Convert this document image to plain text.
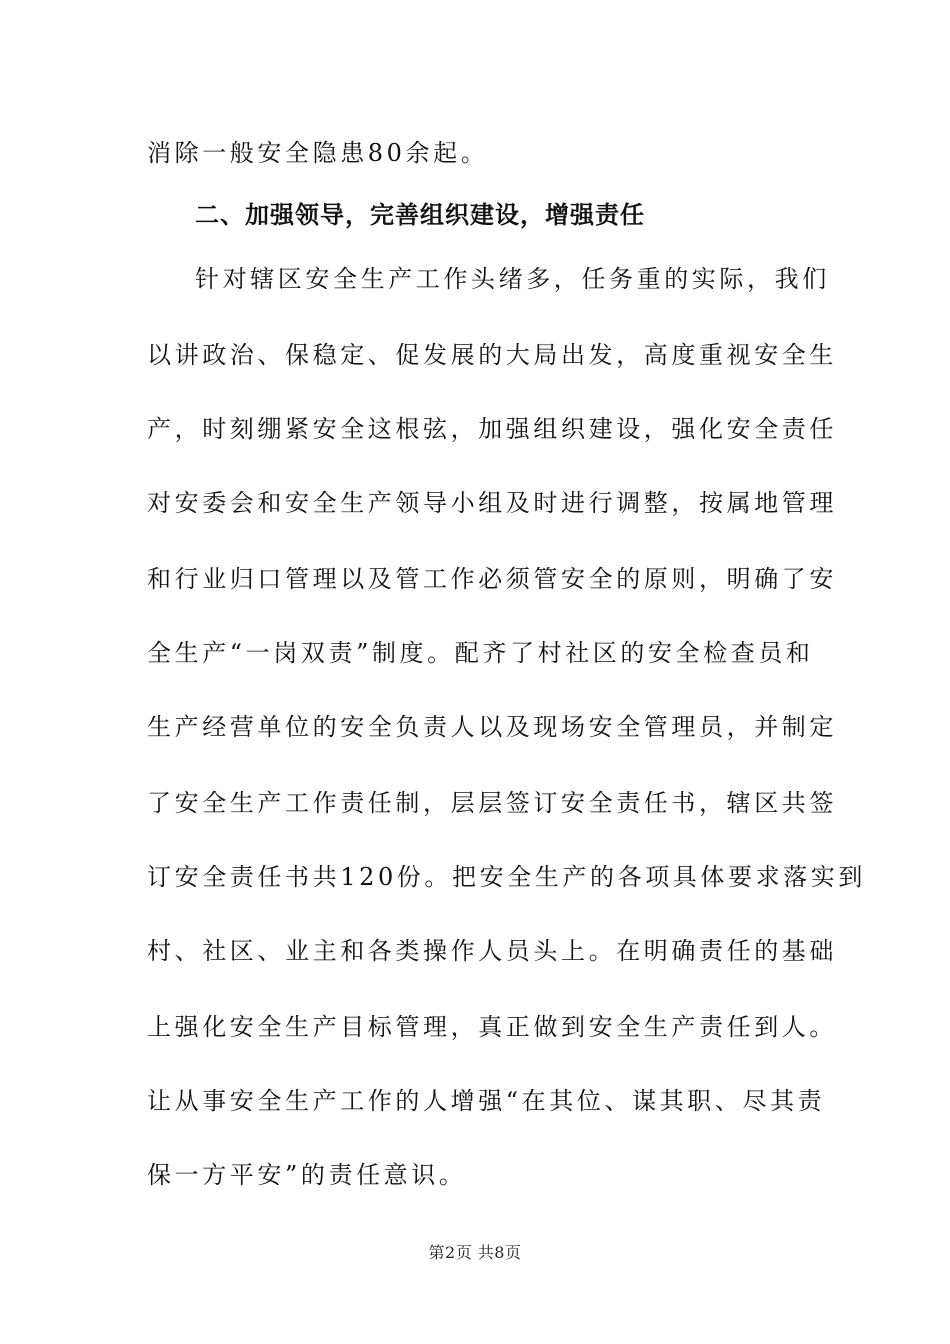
消除一般安全隐患80余起。
二、加强领导，完善组织建设，增强责任
针对辖区安全生产工作头绪多，任务重的实际，我们
以讲政治、保稳定、促发展的大局出发，高度重视安全生
产，时刻绷紧安全这根弦，加强组织建设，强化安全责任
对安委会和安全生产领导小组及时进行调整，按属地管理
和行业归口管理以及管工作必须管安全的原则，明确了安
全生产“一岗双责”制度。配齐了村社区的安全检查员和
生产经营单位的安全负责人以及现场安全管理员，并制定
了安全生产工作责任制，层层签订安全责任书，辖区共签
订安全责任书共120份。把安全生产的各项具体要求落实到
村、社区、业主和各类操作人员头上。在明确责任的基础
上强化安全生产目标管理，真正做到安全生产责任到人。
让从事安全生产工作的人增强“在其位、谋其职、尽其责
保一方平安”的责任意识。
第2页 共8页
